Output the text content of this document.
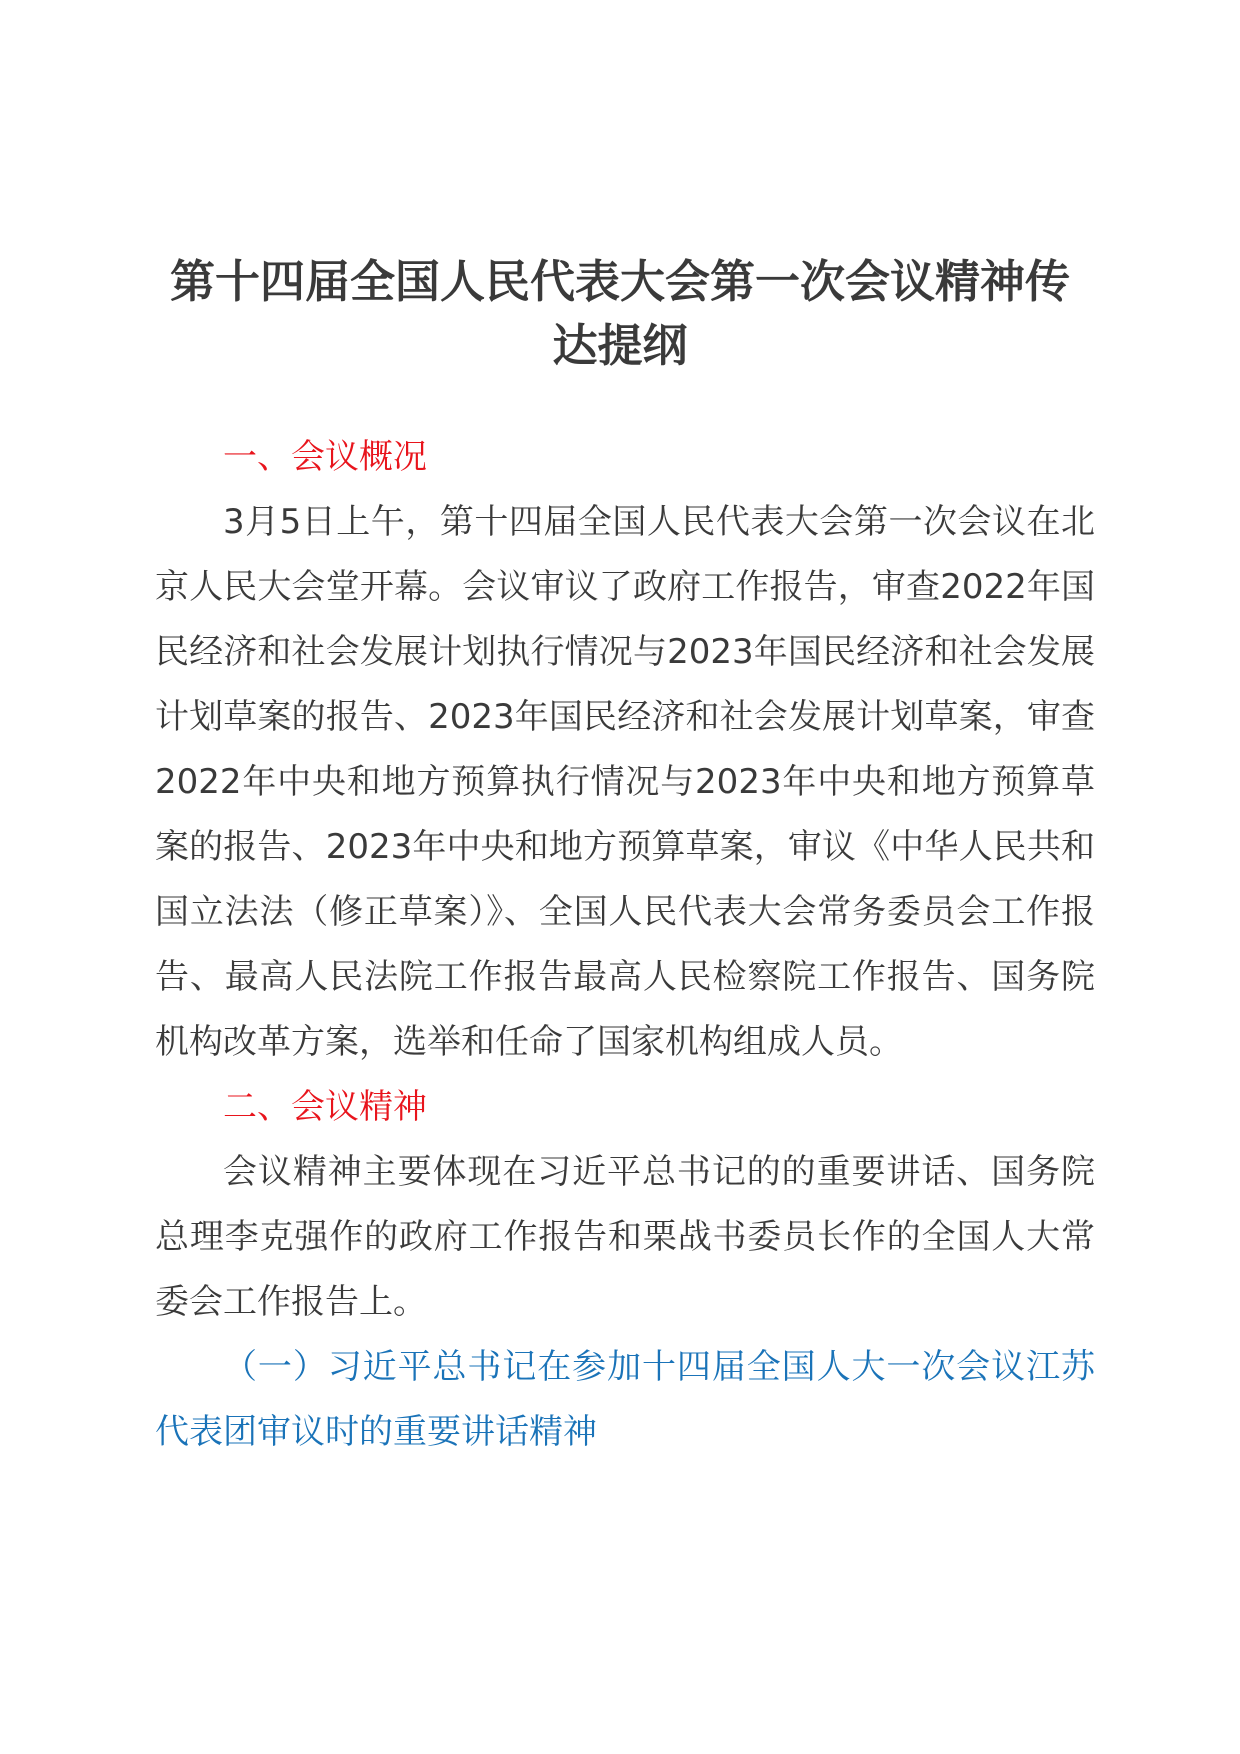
第十四届全国人民代表大会第一次会议精神传达提纲

一、会议概况

3月5日上午，第十四届全国人民代表大会第一次会议在北京人民大会堂开幕。会议审议了政府工作报告，审查2022年国民经济和社会发展计划执行情况与2023年国民经济和社会发展计划草案的报告、2023年国民经济和社会发展计划草案，审查2022年中央和地方预算执行情况与2023年中央和地方预算草案的报告、2023年中央和地方预算草案，审议《中华人民共和国立法法（修正草案）》、全国人民代表大会常务委员会工作报告、最高人民法院工作报告最高人民检察院工作报告、国务院机构改革方案，选举和任命了国家机构组成人员。

二、会议精神

会议精神主要体现在习近平总书记的的重要讲话、国务院总理李克强作的政府工作报告和栗战书委员长作的全国人大常委会工作报告上。

（一）习近平总书记在参加十四届全国人大一次会议江苏代表团审议时的重要讲话精神
